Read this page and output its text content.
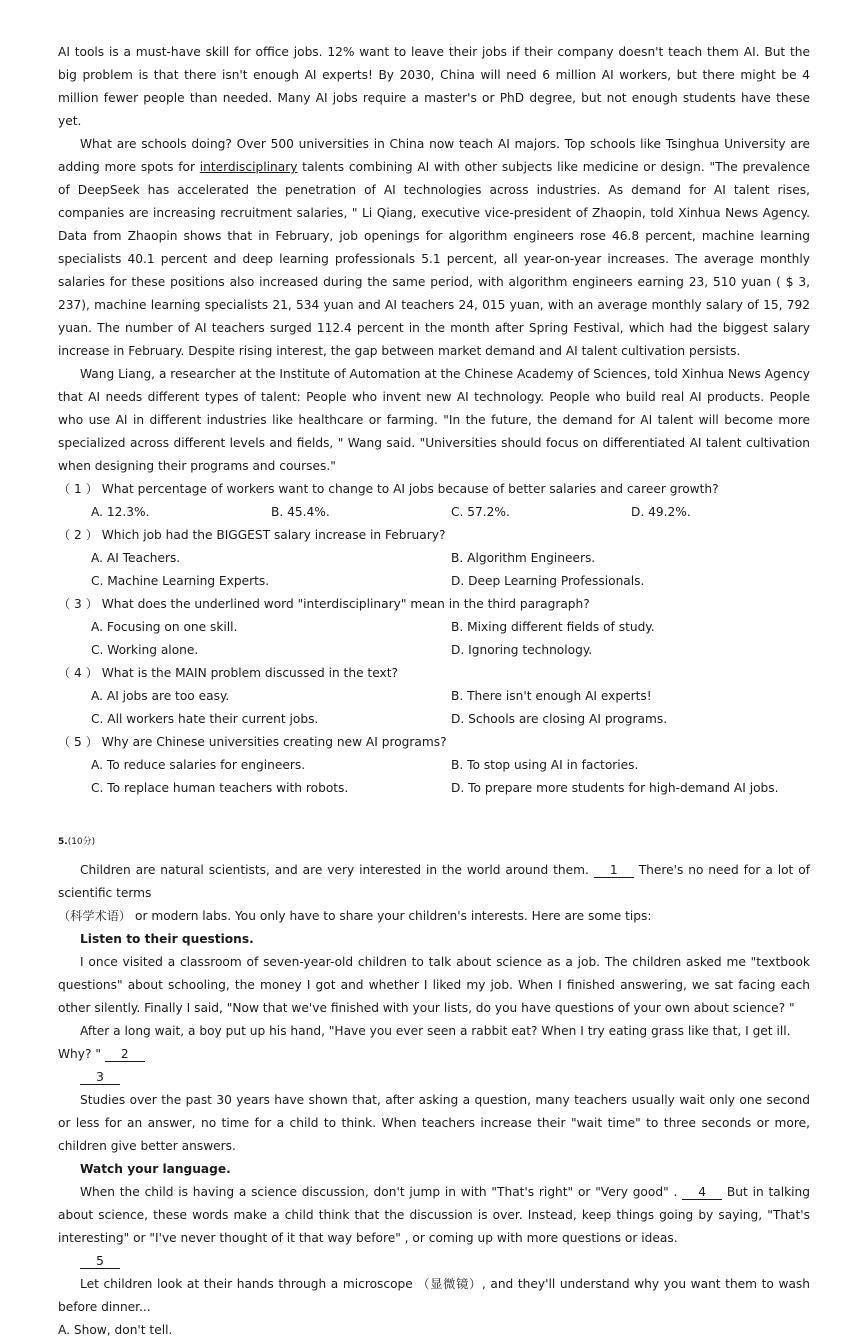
AI tools is a must-have skill for office jobs. 12% want to leave their jobs if their company doesn't teach them AI. But the big problem is that there isn't enough AI experts! By 2030, China will need 6 million AI workers, but there might be 4 million fewer people than needed. Many AI jobs require a master's or PhD degree, but not enough students have these yet.

What are schools doing? Over 500 universities in China now teach AI majors. Top schools like Tsinghua University are adding more spots for interdisciplinary talents combining AI with other subjects like medicine or design. "The prevalence of DeepSeek has accelerated the penetration of AI technologies across industries. As demand for AI talent rises, companies are increasing recruitment salaries, " Li Qiang, executive vice-president of Zhaopin, told Xinhua News Agency. Data from Zhaopin shows that in February, job openings for algorithm engineers rose 46.8 percent, machine learning specialists 40.1 percent and deep learning professionals 5.1 percent, all year-on-year increases. The average monthly salaries for these positions also increased during the same period, with algorithm engineers earning 23, 510 yuan ( $ 3, 237), machine learning specialists 21, 534 yuan and AI teachers 24, 015 yuan, with an average monthly salary of 15, 792 yuan. The number of AI teachers surged 112.4 percent in the month after Spring Festival, which had the biggest salary increase in February. Despite rising interest, the gap between market demand and AI talent cultivation persists.

Wang Liang, a researcher at the Institute of Automation at the Chinese Academy of Sciences, told Xinhua News Agency that AI needs different types of talent: People who invent new AI technology. People who build real AI products. People who use AI in different industries like healthcare or farming. "In the future, the demand for AI talent will become more specialized across different levels and fields, " Wang said. "Universities should focus on differentiated AI talent cultivation when designing their programs and courses."

（ 1 ） What percentage of workers want to change to AI jobs because of better salaries and career growth?

A. 12.3%.	B. 45.4%.	C. 57.2%.	D. 49.2%.

（ 2 ） Which job had the BIGGEST salary increase in February?

A. AI Teachers.	B. Algorithm Engineers.
C. Machine Learning Experts.	D. Deep Learning Professionals.

（ 3 ） What does the underlined word "interdisciplinary" mean in the third paragraph?

A. Focusing on one skill.	B. Mixing different fields of study.
C. Working alone.	D. Ignoring technology.

（ 4 ） What is the MAIN problem discussed in the text?

A. AI jobs are too easy.	B. There isn't enough AI experts!
C. All workers hate their current jobs.	D. Schools are closing AI programs.

（ 5 ） Why are Chinese universities creating new AI programs?

A. To reduce salaries for engineers.	B. To stop using AI in factories.
C. To replace human teachers with robots.	D. To prepare more students for high-demand AI jobs.
5.(10分)

Children are natural scientists, and are very interested in the world around them. 1 There's no need for a lot of scientific terms

（科学术语） or modern labs. You only have to share your children's interests. Here are some tips:

Listen to their questions.

I once visited a classroom of seven-year-old children to talk about science as a job. The children asked me "textbook questions" about schooling, the money I got and whether I liked my job. When I finished answering, we sat facing each other silently. Finally I said, "Now that we've finished with your lists, do you have questions of your own about science? "

After a long wait, a boy put up his hand, "Have you ever seen a rabbit eat? When I try eating grass like that, I get ill. Why? " 2

3

Studies over the past 30 years have shown that, after asking a question, many teachers usually wait only one second or less for an answer, no time for a child to think. When teachers increase their "wait time" to three seconds or more, children give better answers.

Watch your language.

When the child is having a science discussion, don't jump in with "That's right" or "Very good" . 4 But in talking about science, these words make a child think that the discussion is over. Instead, keep things going by saying, "That's interesting" or "I've never thought of it that way before" , or coming up with more questions or ideas.

5

Let children look at their hands through a microscope （显微镜）, and they'll understand why you want them to wash before dinner...

A. Show, don't tell.
